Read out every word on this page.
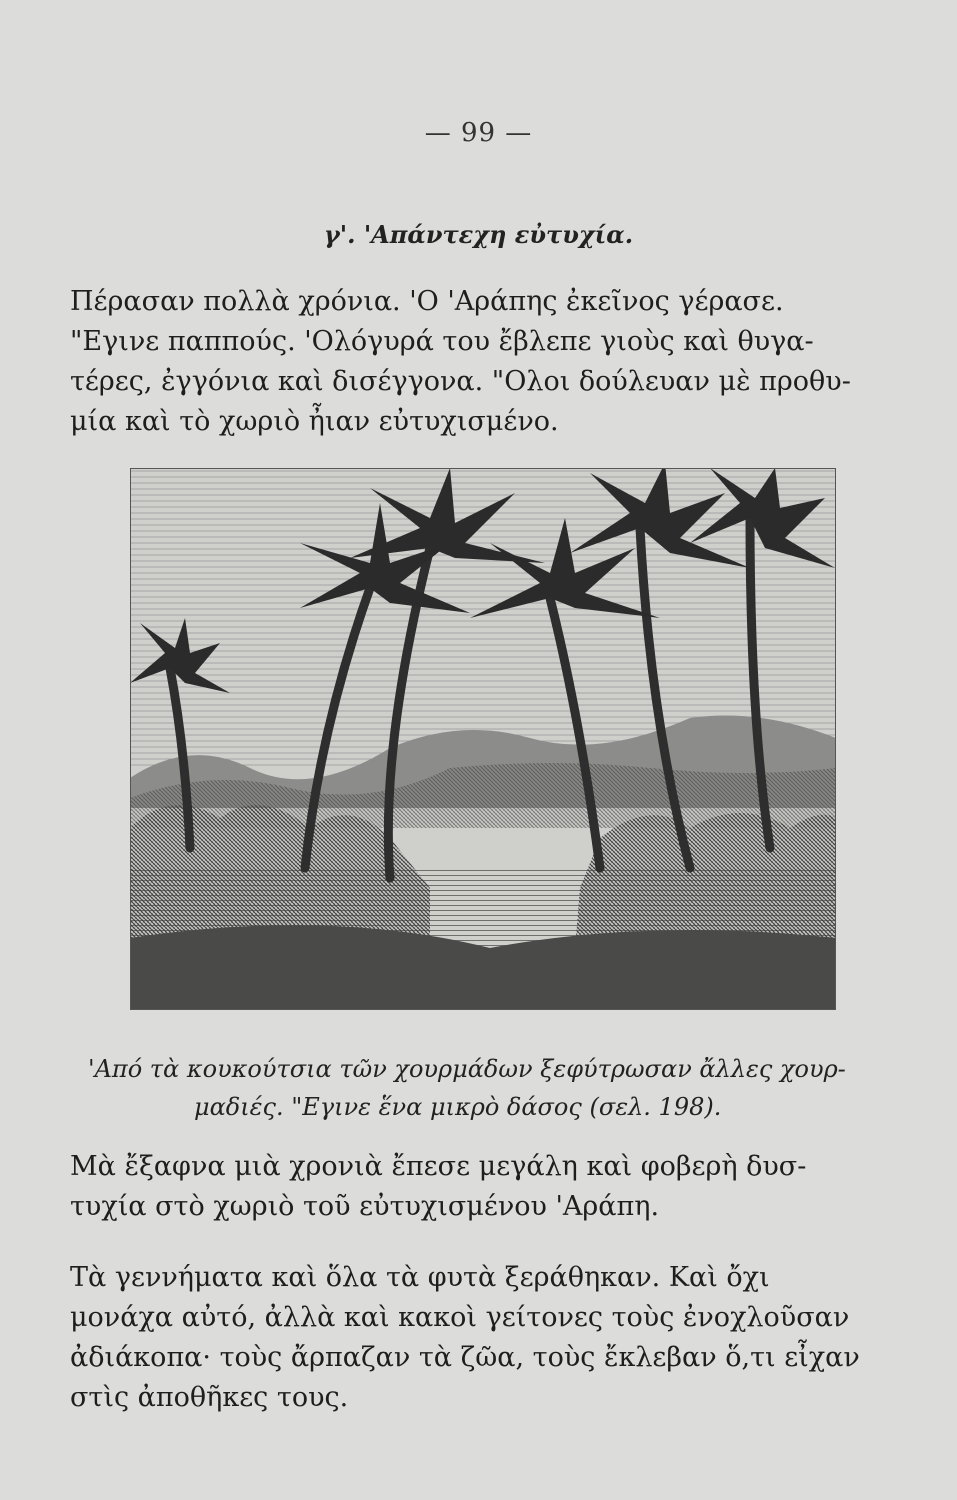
— 99 —
γ'. 'Απάντεχη εὐτυχία.

Πέρασαν πολλὰ χρόνια. 'Ο 'Αράπης ἐκεῖνος γέρασε.
"Εγινε παππούς. 'Ολόγυρά του ἔβλεπε γιοὺς καὶ θυγα-
τέρες, ἐγγόνια καὶ δισέγγονα. "Ολοι δούλευαν μὲ προθυ-
μία καὶ τὸ χωριὸ ἦιαν εὐτυχισμένο.

'Από τὰ κουκούτσια τῶν χουρμάδων ξεφύτρωσαν ἄλλες χουρ-
μαδιές. "Εγινε ἕνα μικρὸ δάσος (σελ. 198).

Μὰ ἔξαφνα μιὰ χρονιὰ ἔπεσε μεγάλη καὶ φοβερὴ δυσ-
τυχία στὸ χωριὸ τοῦ εὐτυχισμένου 'Αράπη.

Τὰ γεννήματα καὶ ὅλα τὰ φυτὰ ξεράθηκαν. Καὶ ὄχι
μονάχα αὐτό, ἀλλὰ καὶ κακοὶ γείτονες τοὺς ἐνοχλοῦσαν
ἀδιάκοπα· τοὺς ἄρπαζαν τὰ ζῶα, τοὺς ἔκλεβαν ὅ,τι εἶχαν
στὶς ἀποθῆκες τους.
